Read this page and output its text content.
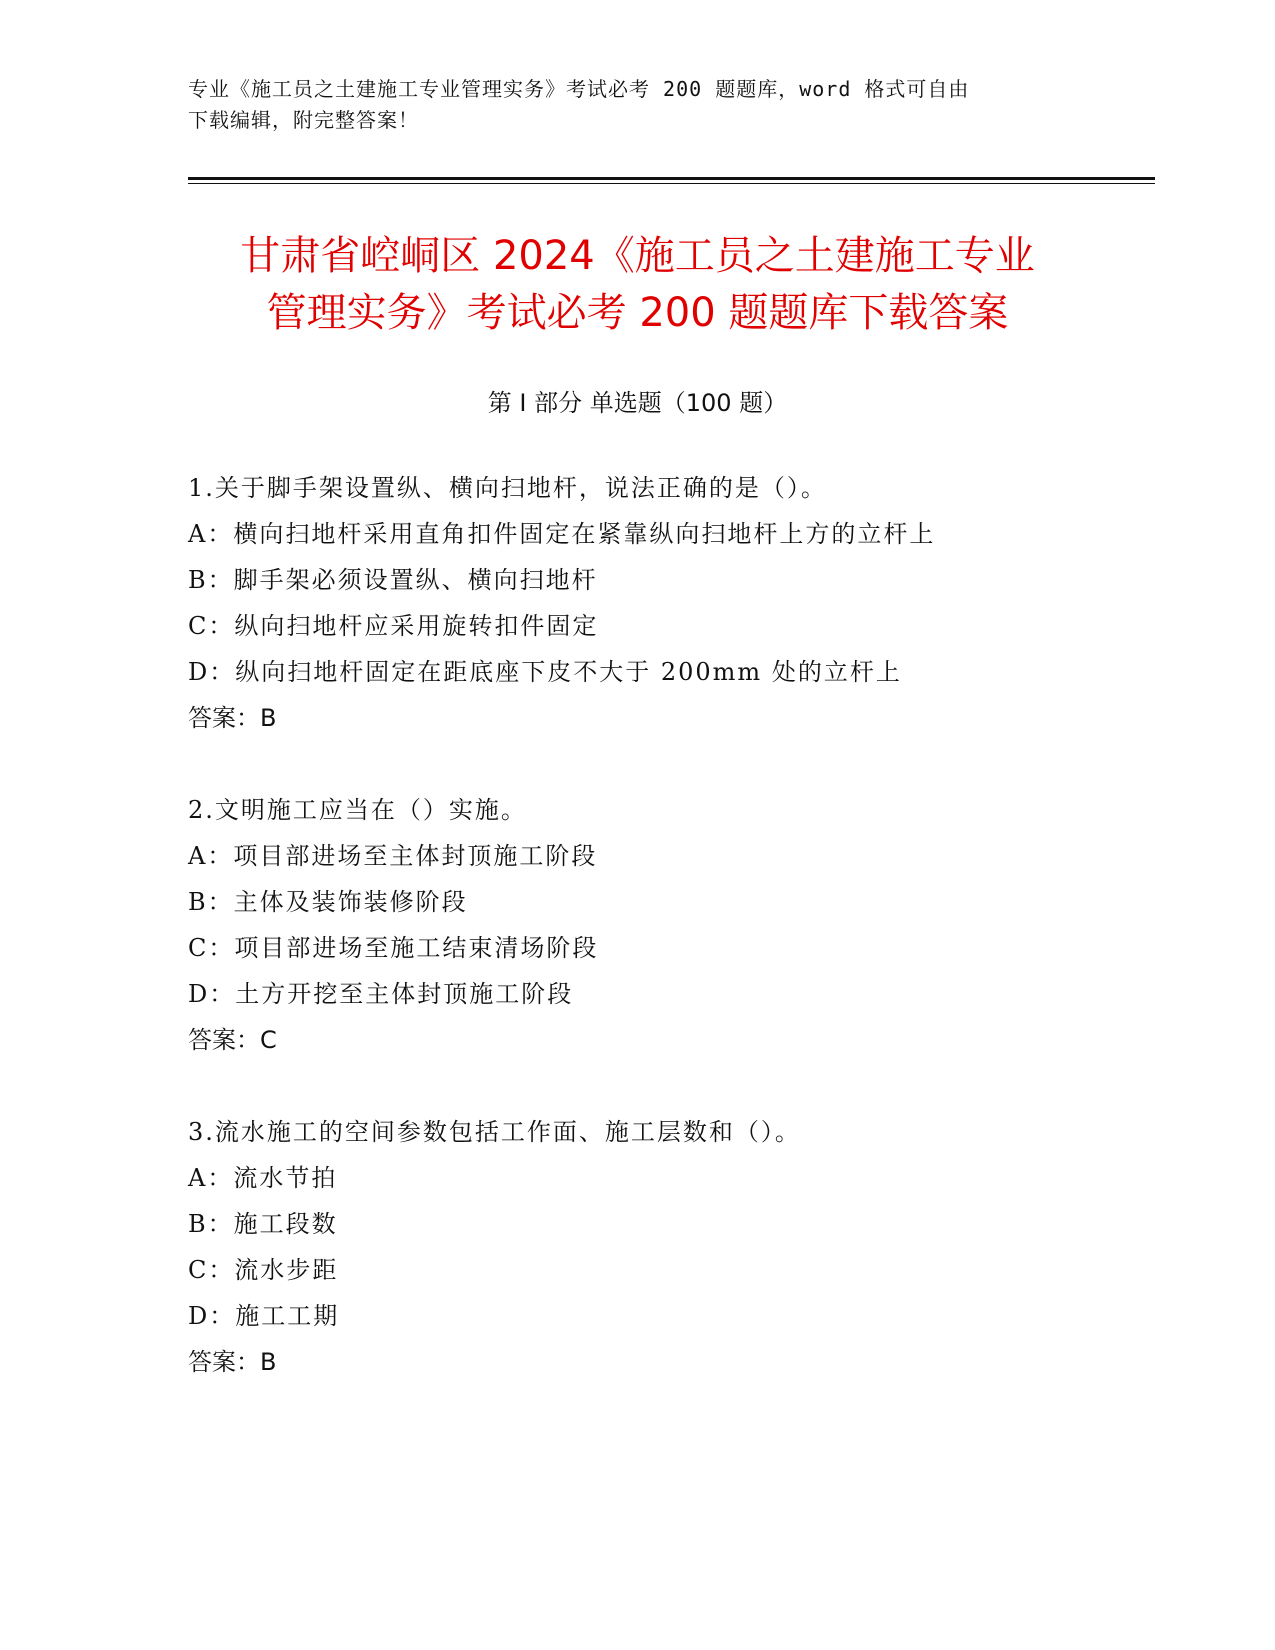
专业《施工员之土建施工专业管理实务》考试必考 200 题题库，word 格式可自由
下载编辑，附完整答案！
甘肃省崆峒区 2024《施工员之土建施工专业
管理实务》考试必考 200 题题库下载答案
第 I 部分 单选题（100 题）
1.关于脚手架设置纵、横向扫地杆，说法正确的是（）。
A：横向扫地杆采用直角扣件固定在紧靠纵向扫地杆上方的立杆上
B：脚手架必须设置纵、横向扫地杆
C：纵向扫地杆应采用旋转扣件固定
D：纵向扫地杆固定在距底座下皮不大于 200mm 处的立杆上
答案：B
2.文明施工应当在（）实施。
A：项目部进场至主体封顶施工阶段
B：主体及装饰装修阶段
C：项目部进场至施工结束清场阶段
D：土方开挖至主体封顶施工阶段
答案：C
3.流水施工的空间参数包括工作面、施工层数和（）。
A：流水节拍
B：施工段数
C：流水步距
D：施工工期
答案：B
